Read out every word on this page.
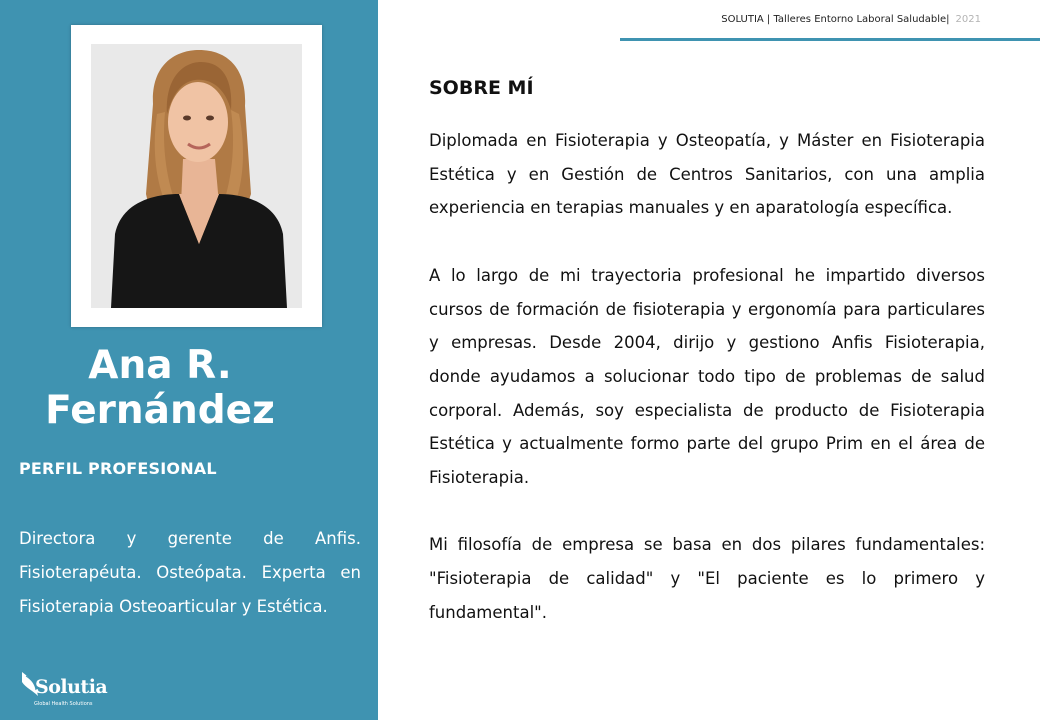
Ana R.
Fernández
PERFIL PROFESIONAL
Directora y gerente de Anfis. Fisioterapéuta. Osteópata. Experta en Fisioterapia Osteoarticular y Estética.
Solutia
Global Health Solutions
SOLUTIA | Talleres Entorno Laboral Saludable| 2021
SOBRE MÍ

Diplomada en Fisioterapia y Osteopatía, y Máster en Fisioterapia Estética y en Gestión de Centros Sanitarios, con una amplia experiencia en terapias manuales y en aparatología específica.

A lo largo de mi trayectoria profesional he impartido diversos cursos de formación de fisioterapia y ergonomía para particulares y empresas. Desde 2004, dirijo y gestiono Anfis Fisioterapia, donde ayudamos a solucionar todo tipo de problemas de salud corporal. Además, soy especialista de producto de Fisioterapia Estética y actualmente formo parte del grupo Prim en el área de Fisioterapia.

Mi filosofía de empresa se basa en dos pilares fundamentales: "Fisioterapia de calidad" y "El paciente es lo primero y fundamental".
